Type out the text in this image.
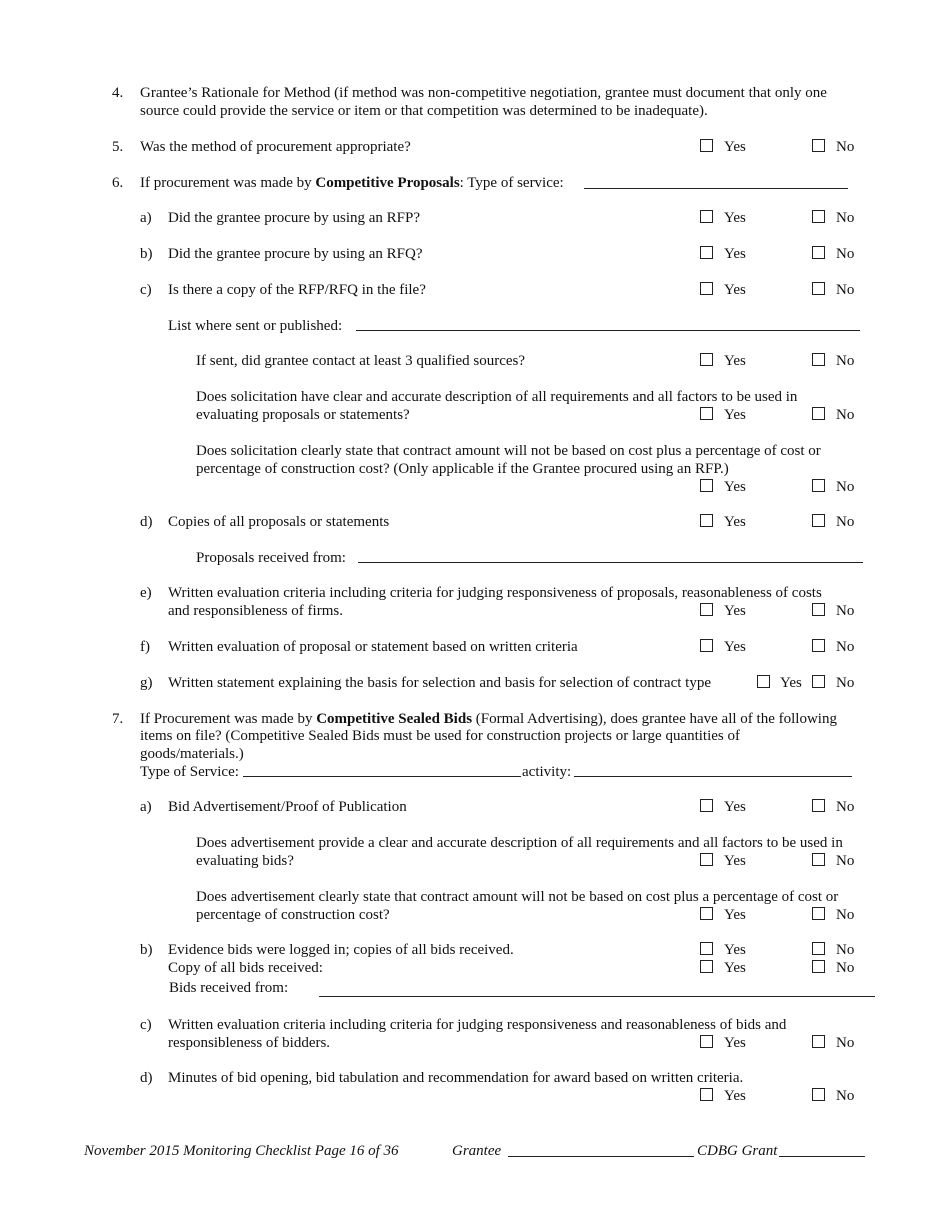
4. Grantee’s Rationale for Method (if method was non-competitive negotiation, grantee must document that only one
source could provide the service or item or that competition was determined to be inadequate).
5. Was the method of procurement appropriate?	Yes	No
6. If procurement was made by Competitive Proposals: Type of service:
a) Did the grantee procure by using an RFP?	Yes	No
b) Did the grantee procure by using an RFQ?	Yes	No
c) Is there a copy of the RFP/RFQ in the file?	Yes	No
List where sent or published:
If sent, did grantee contact at least 3 qualified sources?	Yes	No
Does solicitation have clear and accurate description of all requirements and all factors to be used in
evaluating proposals or statements?	Yes	No
Does solicitation clearly state that contract amount will not be based on cost plus a percentage of cost or
percentage of construction cost? (Only applicable if the Grantee procured using an RFP.)
Yes	No
d) Copies of all proposals or statements	Yes	No
Proposals received from:
e) Written evaluation criteria including criteria for judging responsiveness of proposals, reasonableness of costs
and responsibleness of firms.	Yes	No
f) Written evaluation of proposal or statement based on written criteria	Yes	No
g) Written statement explaining the basis for selection and basis for selection of contract type	Yes No
7. If Procurement was made by Competitive Sealed Bids (Formal Advertising), does grantee have all of the following
items on file? (Competitive Sealed Bids must be used for construction projects or large quantities of
goods/materials.)
Type of Service:	activity:
a) Bid Advertisement/Proof of Publication	Yes	No
Does advertisement provide a clear and accurate description of all requirements and all factors to be used in
evaluating bids?	Yes	No
Does advertisement clearly state that contract amount will not be based on cost plus a percentage of cost or
percentage of construction cost?	Yes	No
b) Evidence bids were logged in; copies of all bids received.	Yes	No
Copy of all bids received:	Yes	No
Bids received from:
c) Written evaluation criteria including criteria for judging responsiveness and reasonableness of bids and
responsibleness of bidders.	Yes	No
d) Minutes of bid opening, bid tabulation and recommendation for award based on written criteria.
Yes	No
November 2015 Monitoring Checklist Page 16 of 36	Grantee	CDBG Grant
